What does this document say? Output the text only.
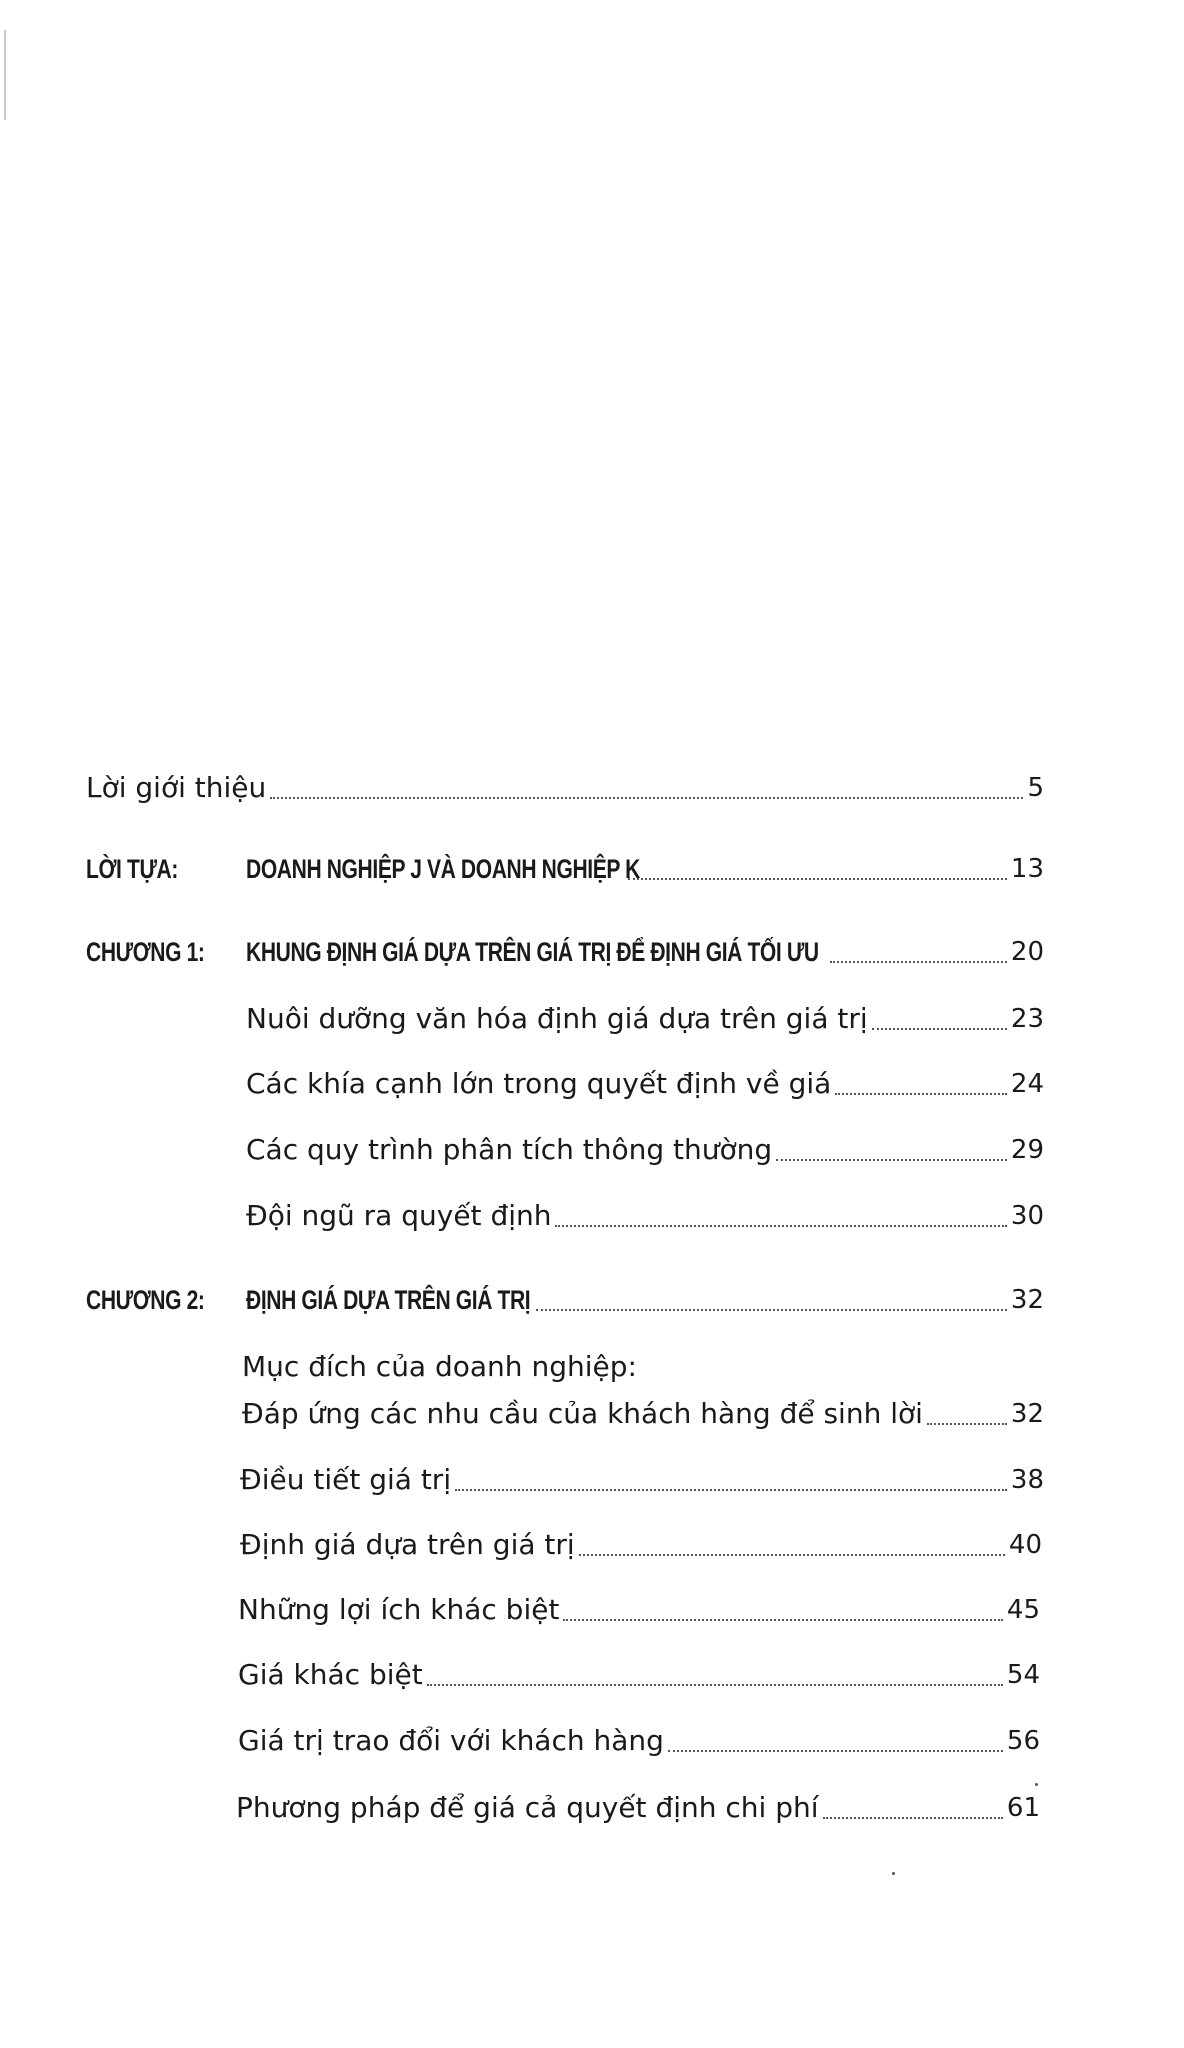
Lời giới thiệu	5
LỜI TỰA:	DOANH NGHIỆP J VÀ DOANH NGHIỆP K	13
CHƯƠNG 1: KHUNG ĐỊNH GIÁ DỰA TRÊN GIÁ TRỊ ĐỂ ĐỊNH GIÁ TỐI ƯU	20
Nuôi dưỡng văn hóa định giá dựa trên giá trị	23
Các khía cạnh lớn trong quyết định về giá	24
Các quy trình phân tích thông thường	29
Đội ngũ ra quyết định	30
CHƯƠNG 2: ĐỊNH GIÁ DỰA TRÊN GIÁ TRỊ	32
Mục đích của doanh nghiệp:
Đáp ứng các nhu cầu của khách hàng để sinh lời	32
Điều tiết giá trị	38
Định giá dựa trên giá trị	40
Những lợi ích khác biệt	45
Giá khác biệt	54
Giá trị trao đổi với khách hàng	56
Phương pháp để giá cả quyết định chi phí	61
